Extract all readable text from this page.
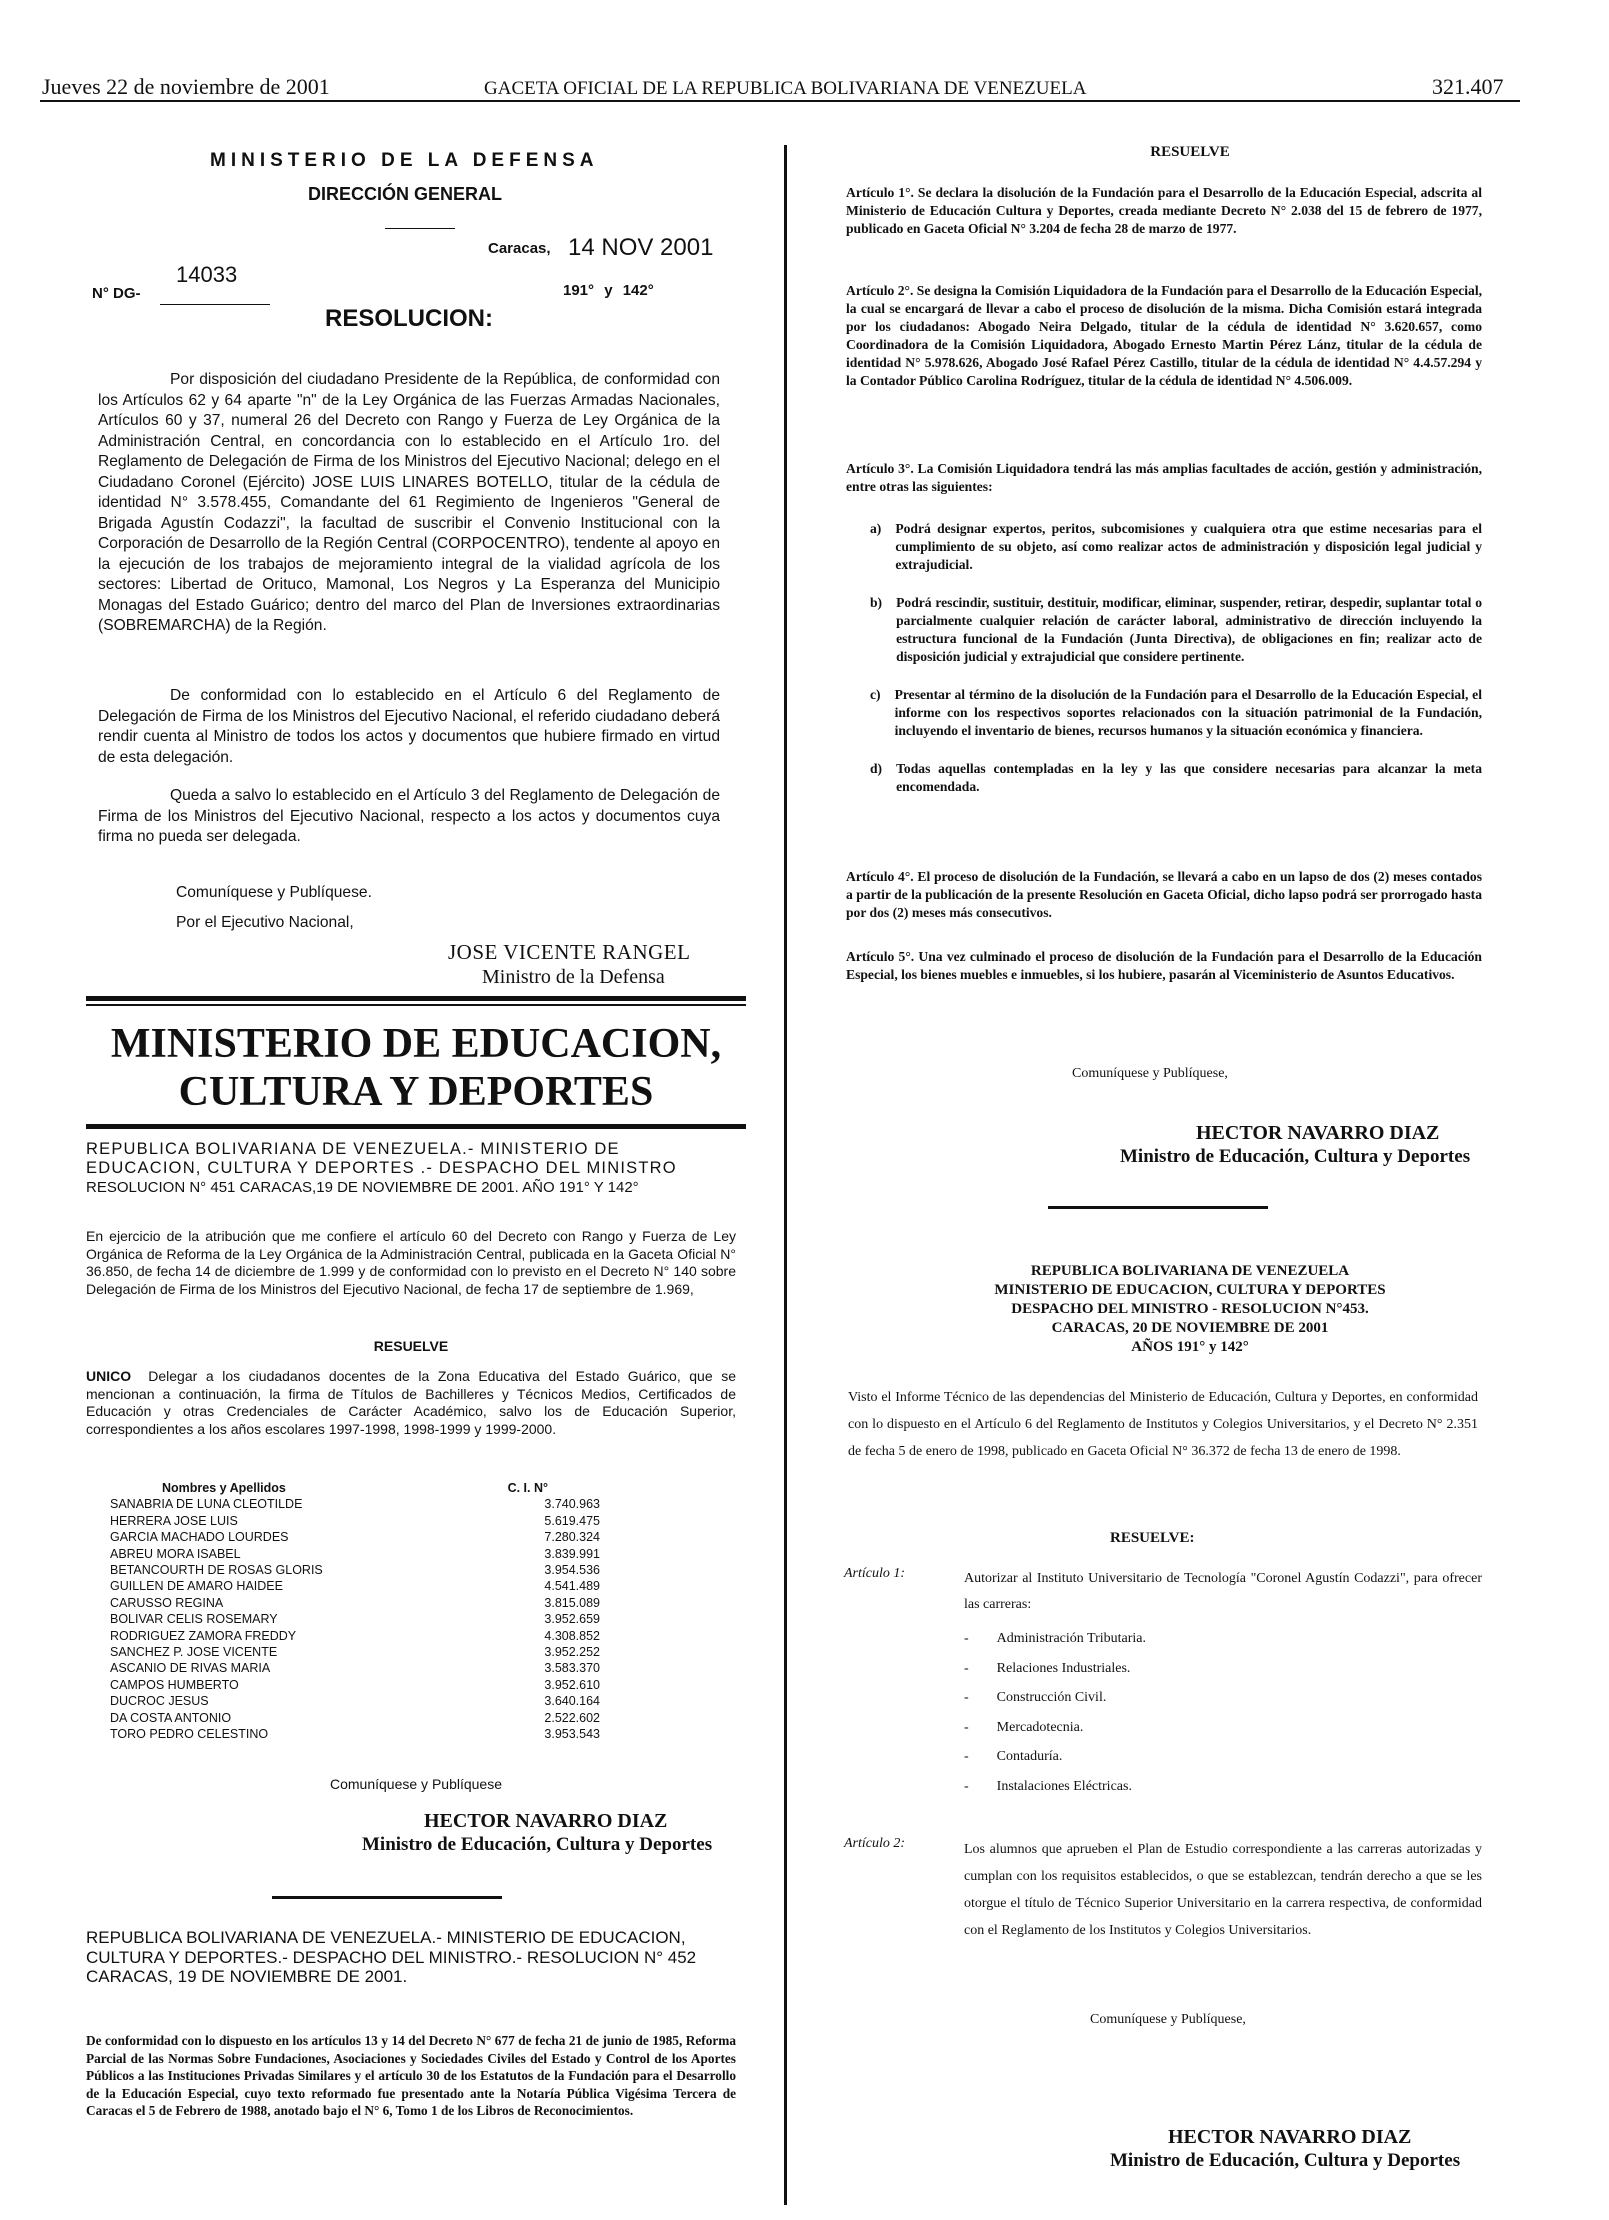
Jueves 22 de noviembre de 2001	GACETA OFICIAL DE LA REPUBLICA BOLIVARIANA DE VENEZUELA	321.407
MINISTERIO DE LA DEFENSA
DIRECCIÓN GENERAL
Caracas, 14 NOV 2001
191° y 142°
N° DG-
14033
RESOLUCION:

Por disposición del ciudadano Presidente de la República, de conformidad con los Artículos 62 y 64 aparte "n" de la Ley Orgánica de las Fuerzas Armadas Nacionales, Artículos 60 y 37, numeral 26 del Decreto con Rango y Fuerza de Ley Orgánica de la Administración Central, en concordancia con lo establecido en el Artículo 1ro. del Reglamento de Delegación de Firma de los Ministros del Ejecutivo Nacional; delego en el Ciudadano Coronel (Ejército) JOSE LUIS LINARES BOTELLO, titular de la cédula de identidad N° 3.578.455, Comandante del 61 Regimiento de Ingenieros "General de Brigada Agustín Codazzi", la facultad de suscribir el Convenio Institucional con la Corporación de Desarrollo de la Región Central (CORPOCENTRO), tendente al apoyo en la ejecución de los trabajos de mejoramiento integral de la vialidad agrícola de los sectores: Libertad de Orituco, Mamonal, Los Negros y La Esperanza del Municipio Monagas del Estado Guárico; dentro del marco del Plan de Inversiones extraordinarias (SOBREMARCHA) de la Región.

De conformidad con lo establecido en el Artículo 6 del Reglamento de Delegación de Firma de los Ministros del Ejecutivo Nacional, el referido ciudadano deberá rendir cuenta al Ministro de todos los actos y documentos que hubiere firmado en virtud de esta delegación.

Queda a salvo lo establecido en el Artículo 3 del Reglamento de Delegación de Firma de los Ministros del Ejecutivo Nacional, respecto a los actos y documentos cuya firma no pueda ser delegada.

Comuníquese y Publíquese.
Por el Ejecutivo Nacional,
JOSE VICENTE RANGEL
Ministro de la Defensa
MINISTERIO DE EDUCACION,
CULTURA Y DEPORTES
REPUBLICA BOLIVARIANA DE VENEZUELA.- MINISTERIO DE
EDUCACION, CULTURA Y DEPORTES .- DESPACHO DEL MINISTRO
RESOLUCION N° 451 CARACAS,19 DE NOVIEMBRE DE 2001. AÑO 191° Y 142°

En ejercicio de la atribución que me confiere el artículo 60 del Decreto con Rango y Fuerza de Ley Orgánica de Reforma de la Ley Orgánica de la Administración Central, publicada en la Gaceta Oficial N° 36.850, de fecha 14 de diciembre de 1.999 y de conformidad con lo previsto en el Decreto N° 140 sobre Delegación de Firma de los Ministros del Ejecutivo Nacional, de fecha 17 de septiembre de 1.969,

RESUELVE

UNICO Delegar a los ciudadanos docentes de la Zona Educativa del Estado Guárico, que se mencionan a continuación, la firma de Títulos de Bachilleres y Técnicos Medios, Certificados de Educación y otras Credenciales de Carácter Académico, salvo los de Educación Superior, correspondientes a los años escolares 1997-1998, 1998-1999 y 1999-2000.

Nombres y Apellidos	C. I. N°
SANABRIA DE LUNA CLEOTILDE	3.740.963
HERRERA JOSE LUIS	5.619.475
GARCIA MACHADO LOURDES	7.280.324
ABREU MORA ISABEL	3.839.991
BETANCOURTH DE ROSAS GLORIS	3.954.536
GUILLEN DE AMARO HAIDEE	4.541.489
CARUSSO REGINA	3.815.089
BOLIVAR CELIS ROSEMARY	3.952.659
RODRIGUEZ ZAMORA FREDDY	4.308.852
SANCHEZ P. JOSE VICENTE	3.952.252
ASCANIO DE RIVAS MARIA	3.583.370
CAMPOS HUMBERTO	3.952.610
DUCROC JESUS	3.640.164
DA COSTA ANTONIO	2.522.602
TORO PEDRO CELESTINO	3.953.543
Comuníquese y Publíquese
HECTOR NAVARRO DIAZ
Ministro de Educación, Cultura y Deportes
REPUBLICA BOLIVARIANA DE VENEZUELA.- MINISTERIO DE EDUCACION,
CULTURA Y DEPORTES.- DESPACHO DEL MINISTRO.- RESOLUCION N° 452
CARACAS, 19 DE NOVIEMBRE DE 2001.

De conformidad con lo dispuesto en los artículos 13 y 14 del Decreto N° 677 de fecha 21 de junio de 1985, Reforma Parcial de las Normas Sobre Fundaciones, Asociaciones y Sociedades Civiles del Estado y Control de los Aportes Públicos a las Instituciones Privadas Similares y el artículo 30 de los Estatutos de la Fundación para el Desarrollo de la Educación Especial, cuyo texto reformado fue presentado ante la Notaría Pública Vigésima Tercera de Caracas el 5 de Febrero de 1988, anotado bajo el N° 6, Tomo 1 de los Libros de Reconocimientos.

RESUELVE

Artículo 1°. Se declara la disolución de la Fundación para el Desarrollo de la Educación Especial, adscrita al Ministerio de Educación Cultura y Deportes, creada mediante Decreto N° 2.038 del 15 de febrero de 1977, publicado en Gaceta Oficial N° 3.204 de fecha 28 de marzo de 1977.

Artículo 2°. Se designa la Comisión Liquidadora de la Fundación para el Desarrollo de la Educación Especial, la cual se encargará de llevar a cabo el proceso de disolución de la misma. Dicha Comisión estará integrada por los ciudadanos: Abogado Neira Delgado, titular de la cédula de identidad N° 3.620.657, como Coordinadora de la Comisión Liquidadora, Abogado Ernesto Martin Pérez Lánz, titular de la cédula de identidad N° 5.978.626, Abogado José Rafael Pérez Castillo, titular de la cédula de identidad N° 4.4.57.294 y la Contador Público Carolina Rodríguez, titular de la cédula de identidad N° 4.506.009.

Artículo 3°. La Comisión Liquidadora tendrá las más amplias facultades de acción, gestión y administración, entre otras las siguientes:

a) Podrá designar expertos, peritos, subcomisiones y cualquiera otra que estime necesarias para el cumplimiento de su objeto, así como realizar actos de administración y disposición legal judicial y extrajudicial.
b) Podrá rescindir, sustituir, destituir, modificar, eliminar, suspender, retirar, despedir, suplantar total o parcialmente cualquier relación de carácter laboral, administrativo de dirección incluyendo la estructura funcional de la Fundación (Junta Directiva), de obligaciones en fin; realizar acto de disposición judicial y extrajudicial que considere pertinente.
c) Presentar al término de la disolución de la Fundación para el Desarrollo de la Educación Especial, el informe con los respectivos soportes relacionados con la situación patrimonial de la Fundación, incluyendo el inventario de bienes, recursos humanos y la situación económica y financiera.
d) Todas aquellas contempladas en la ley y las que considere necesarias para alcanzar la meta encomendada.

Artículo 4°. El proceso de disolución de la Fundación, se llevará a cabo en un lapso de dos (2) meses contados a partir de la publicación de la presente Resolución en Gaceta Oficial, dicho lapso podrá ser prorrogado hasta por dos (2) meses más consecutivos.

Artículo 5°. Una vez culminado el proceso de disolución de la Fundación para el Desarrollo de la Educación Especial, los bienes muebles e inmuebles, si los hubiere, pasarán al Viceministerio de Asuntos Educativos.

Comuníquese y Publíquese,
HECTOR NAVARRO DIAZ
Ministro de Educación, Cultura y Deportes
REPUBLICA BOLIVARIANA DE VENEZUELA
MINISTERIO DE EDUCACION, CULTURA Y DEPORTES
DESPACHO DEL MINISTRO - RESOLUCION N°453.
CARACAS, 20 DE NOVIEMBRE DE 2001
AÑOS 191° y 142°

Visto el Informe Técnico de las dependencias del Ministerio de Educación, Cultura y Deportes, en conformidad con lo dispuesto en el Artículo 6 del Reglamento de Institutos y Colegios Universitarios, y el Decreto N° 2.351 de fecha 5 de enero de 1998, publicado en Gaceta Oficial N° 36.372 de fecha 13 de enero de 1998.

RESUELVE:
Artículo 1:	Autorizar al Instituto Universitario de Tecnología "Coronel Agustín Codazzi", para ofrecer las carreras:

-	Administración Tributaria.
-	Relaciones Industriales.
-	Construcción Civil.
-	Mercadotecnia.
-	Contaduría.
-	Instalaciones Eléctricas.
Artículo 2:	Los alumnos que aprueben el Plan de Estudio correspondiente a las carreras autorizadas y cumplan con los requisitos establecidos, o que se establezcan, tendrán derecho a que se les otorgue el título de Técnico Superior Universitario en la carrera respectiva, de conformidad con el Reglamento de los Institutos y Colegios Universitarios.

Comuníquese y Publíquese,
HECTOR NAVARRO DIAZ
Ministro de Educación, Cultura y Deportes
